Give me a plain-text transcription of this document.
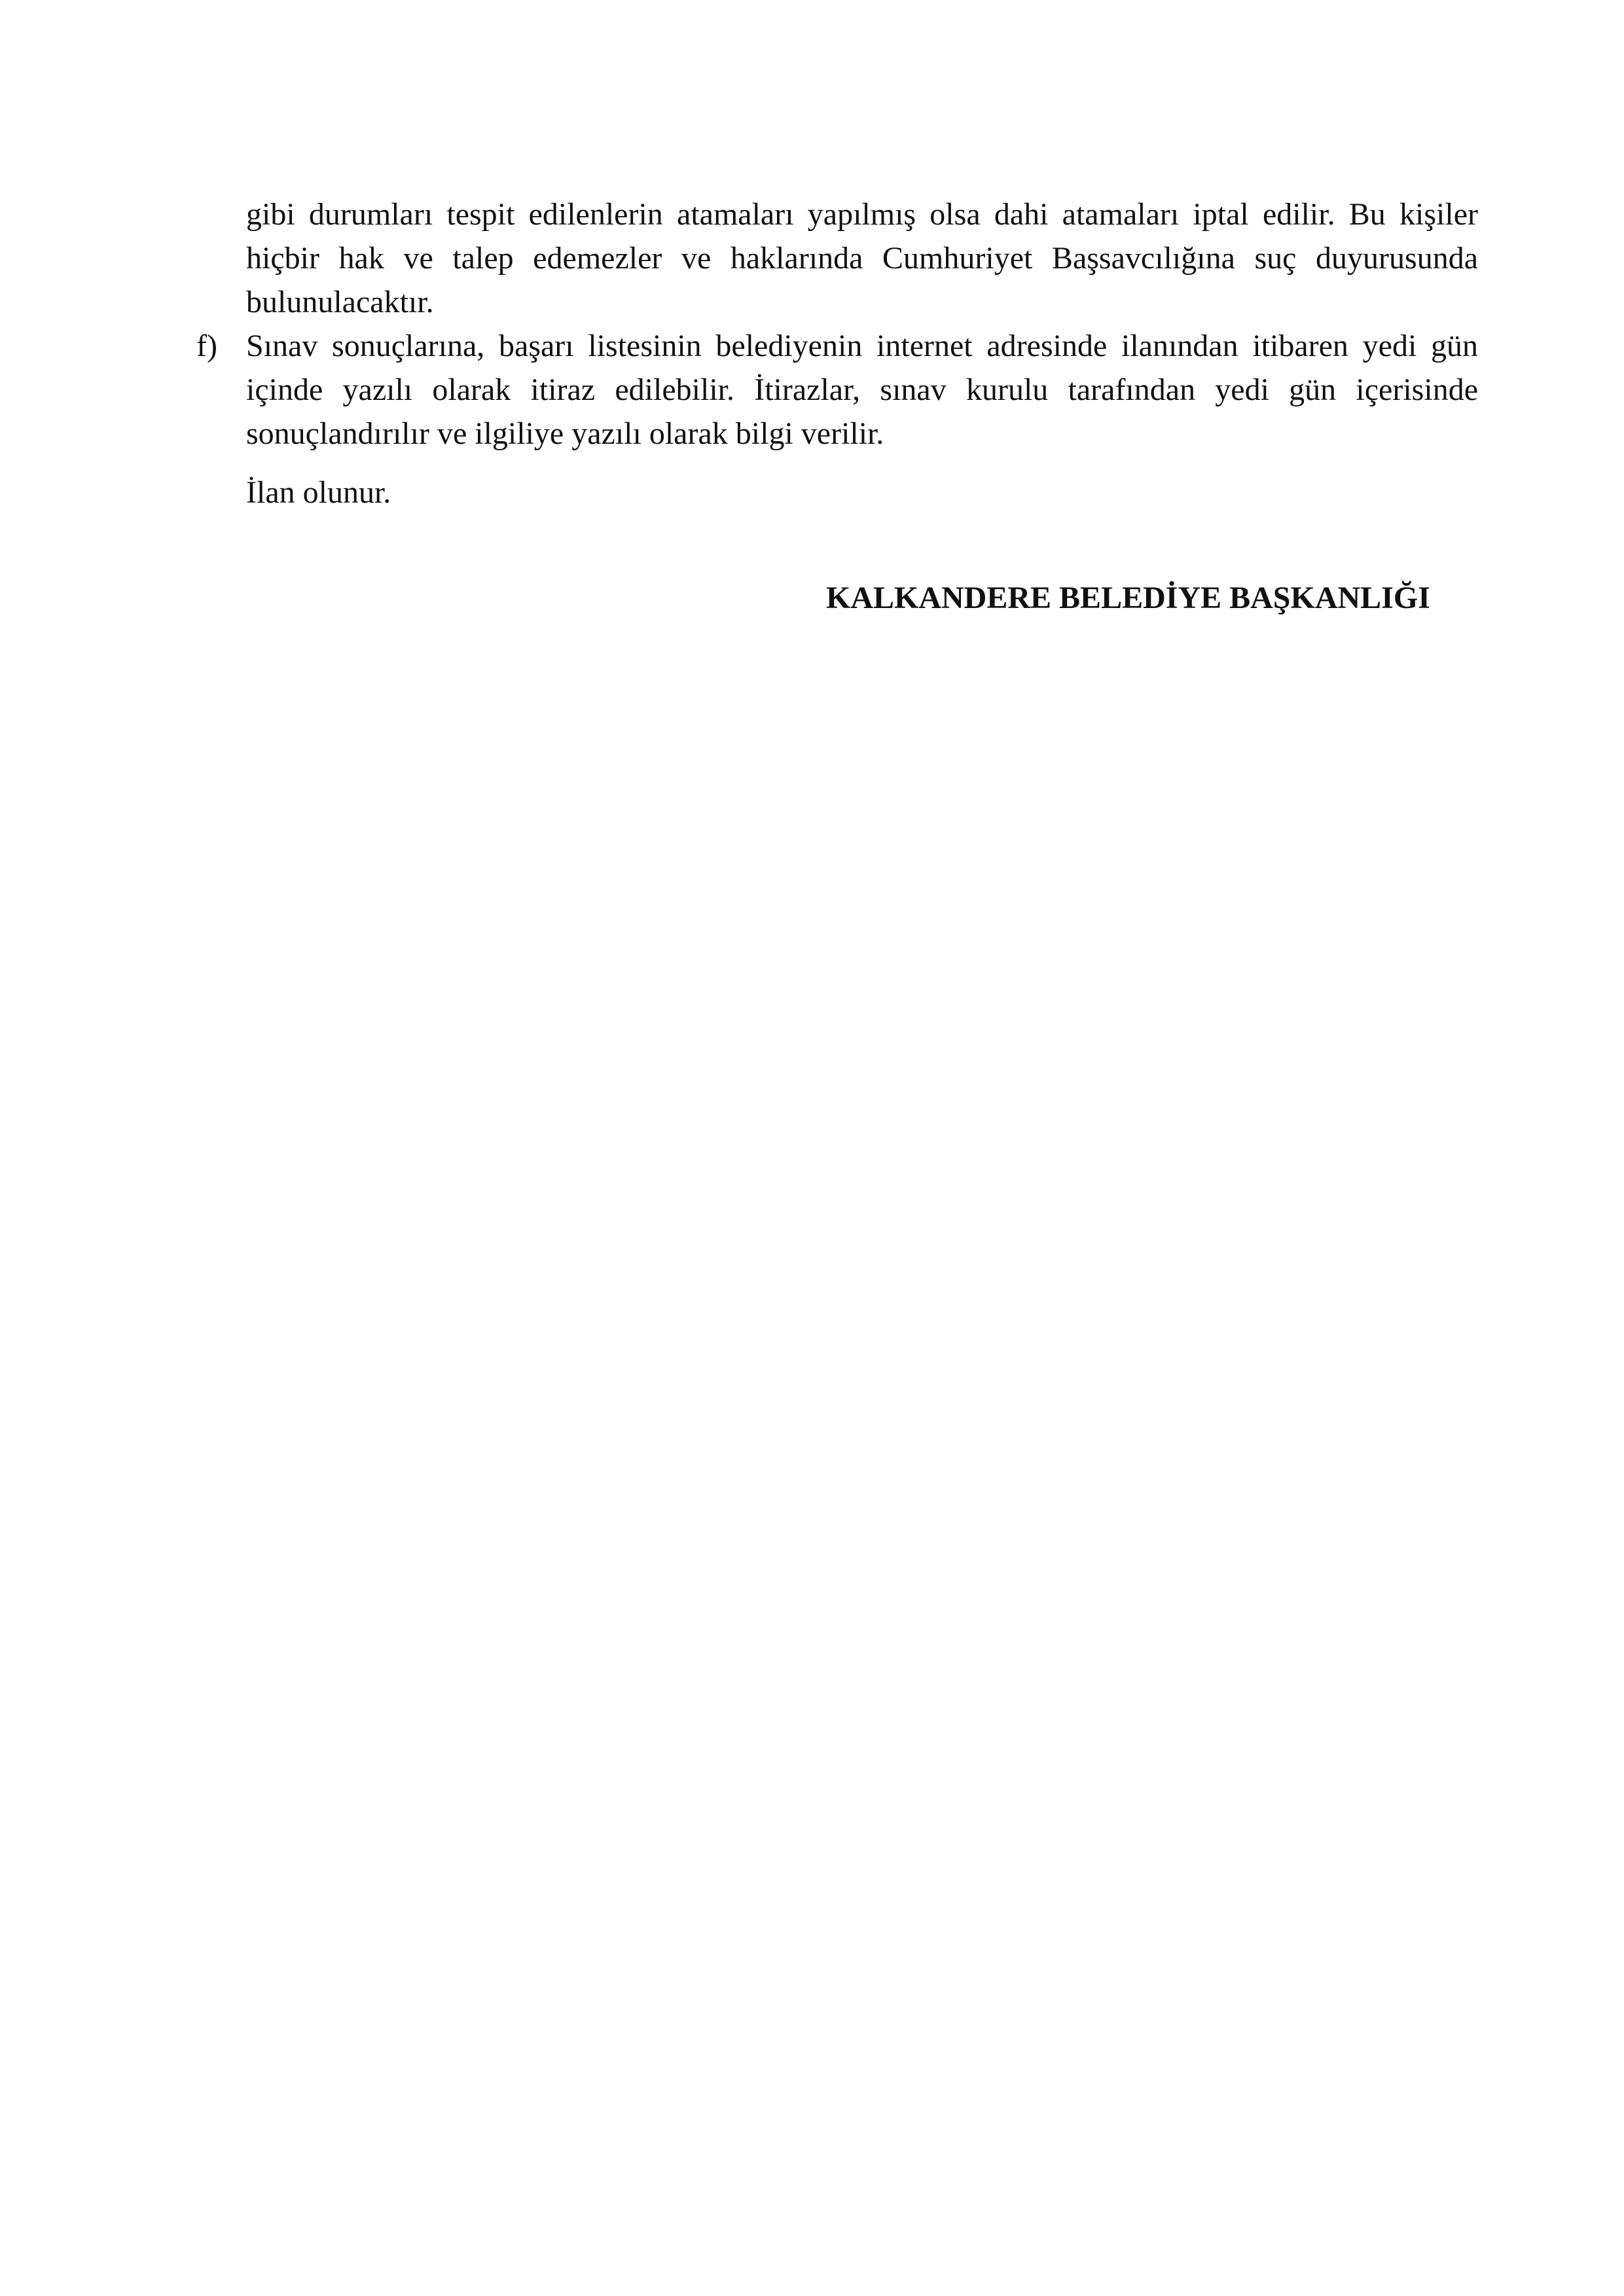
gibi durumları tespit edilenlerin atamaları yapılmış olsa dahi atamaları iptal edilir. Bu kişiler hiçbir hak ve talep edemezler ve haklarında Cumhuriyet Başsavcılığına suç duyurusunda bulunulacaktır.

f) Sınav sonuçlarına, başarı listesinin belediyenin internet adresinde ilanından itibaren yedi gün içinde yazılı olarak itiraz edilebilir. İtirazlar, sınav kurulu tarafından yedi gün içerisinde sonuçlandırılır ve ilgiliye yazılı olarak bilgi verilir.

İlan olunur.
KALKANDERE BELEDİYE BAŞKANLIĞI
